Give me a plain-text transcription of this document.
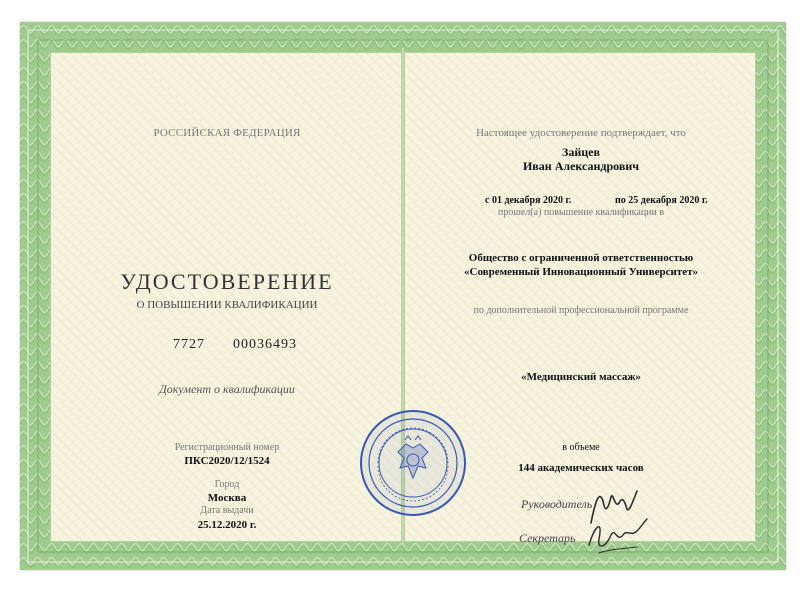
РОССИЙСКАЯ ФЕДЕРАЦИЯ
УДОСТОВЕРЕНИЕ
О ПОВЫШЕНИИ КВАЛИФИКАЦИИ
7727 00036493
Документ о квалификации
Регистрационный номер
ПКС2020/12/1524
Город
Москва
Дата выдачи
25.12.2020 г.
Настоящее удостоверение подтверждает, что
Зайцев
Иван Александрович
с 01 декабря 2020 г.	по 25 декабря 2020 г.
прошел(а) повышение квалификации в
Общество с ограниченной ответственностью
«Современный Инновационный Университет»
по дополнительной профессиональной программе
«Медицинский массаж»
в объеме
144 академических часов
Руководитель
Секретарь
